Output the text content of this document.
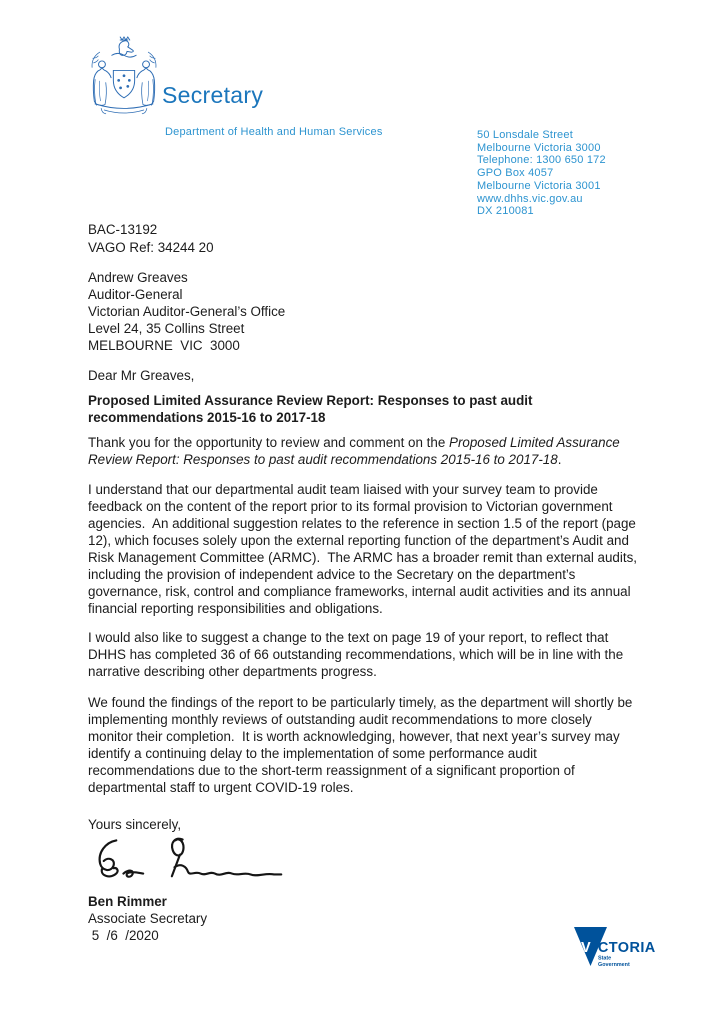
Secretary
Department of Health and Human Services	50 Lonsdale Street
Melbourne Victoria 3000
Telephone: 1300 650 172
GPO Box 4057
Melbourne Victoria 3001
www.dhhs.vic.gov.au
DX 210081
BAC-13192
VAGO Ref: 34244 20
Andrew Greaves
Auditor-General
Victorian Auditor-General’s Office
Level 24, 35 Collins Street
MELBOURNE  VIC  3000
Dear Mr Greaves,
Proposed Limited Assurance Review Report: Responses to past audit recommendations 2015-16 to 2017-18

Thank you for the opportunity to review and comment on the Proposed Limited Assurance Review Report: Responses to past audit recommendations 2015-16 to 2017-18.

I understand that our departmental audit team liaised with your survey team to provide feedback on the content of the report prior to its formal provision to Victorian government agencies.  An additional suggestion relates to the reference in section 1.5 of the report (page 12), which focuses solely upon the external reporting function of the department’s Audit and Risk Management Committee (ARMC).  The ARMC has a broader remit than external audits, including the provision of independent advice to the Secretary on the department’s governance, risk, control and compliance frameworks, internal audit activities and its annual financial reporting responsibilities and obligations.

I would also like to suggest a change to the text on page 19 of your report, to reflect that DHHS has completed 36 of 66 outstanding recommendations, which will be in line with the narrative describing other departments progress.

We found the findings of the report to be particularly timely, as the department will shortly be implementing monthly reviews of outstanding audit recommendations to more closely monitor their completion.  It is worth acknowledging, however, that next year’s survey may identify a continuing delay to the implementation of some performance audit recommendations due to the short-term reassignment of a significant proportion of departmental staff to urgent COVID-19 roles.

Yours sincerely,
Ben Rimmer
Associate Secretary
5  /6  /2020
V ICTORIA
State
Government
